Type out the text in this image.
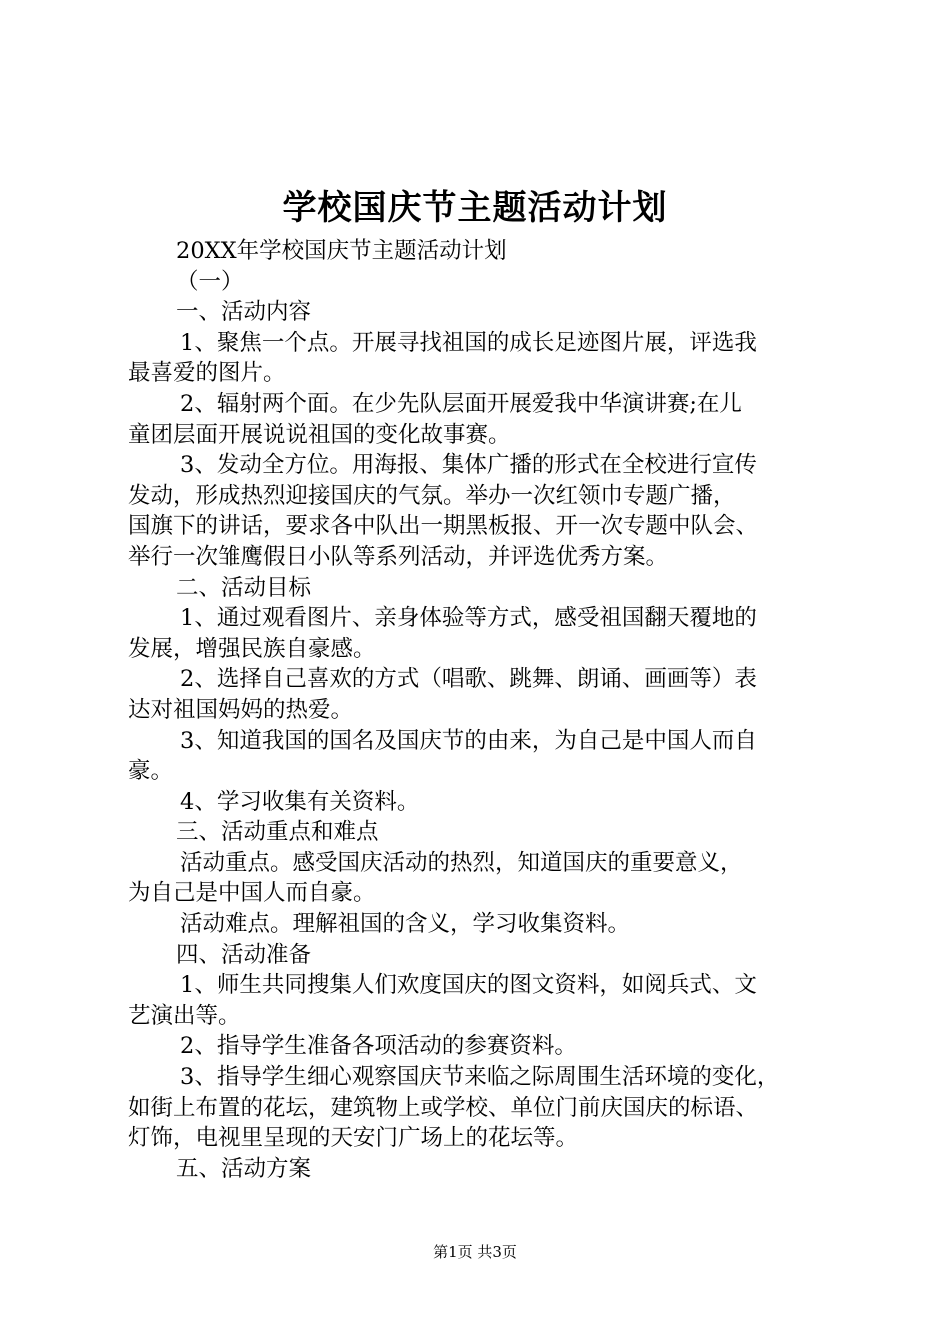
学校国庆节主题活动计划
20XX年学校国庆节主题活动计划
（一）
一、活动内容
1、聚焦一个点。开展寻找祖国的成长足迹图片展，评选我
最喜爱的图片。
2、辐射两个面。在少先队层面开展爱我中华演讲赛;在儿
童团层面开展说说祖国的变化故事赛。
3、发动全方位。用海报、集体广播的形式在全校进行宣传
发动，形成热烈迎接国庆的气氛。举办一次红领巾专题广播，
国旗下的讲话，要求各中队出一期黑板报、开一次专题中队会、
举行一次雏鹰假日小队等系列活动，并评选优秀方案。
二、活动目标
1、通过观看图片、亲身体验等方式，感受祖国翻天覆地的
发展，增强民族自豪感。
2、选择自己喜欢的方式（唱歌、跳舞、朗诵、画画等）表
达对祖国妈妈的热爱。
3、知道我国的国名及国庆节的由来，为自己是中国人而自
豪。
4、学习收集有关资料。
三、活动重点和难点
活动重点。感受国庆活动的热烈，知道国庆的重要意义，
为自己是中国人而自豪。
活动难点。理解祖国的含义，学习收集资料。
四、活动准备
1、师生共同搜集人们欢度国庆的图文资料，如阅兵式、文
艺演出等。
2、指导学生准备各项活动的参赛资料。
3、指导学生细心观察国庆节来临之际周围生活环境的变化，
如街上布置的花坛，建筑物上或学校、单位门前庆国庆的标语、
灯饰，电视里呈现的天安门广场上的花坛等。
五、活动方案
第1页 共3页
